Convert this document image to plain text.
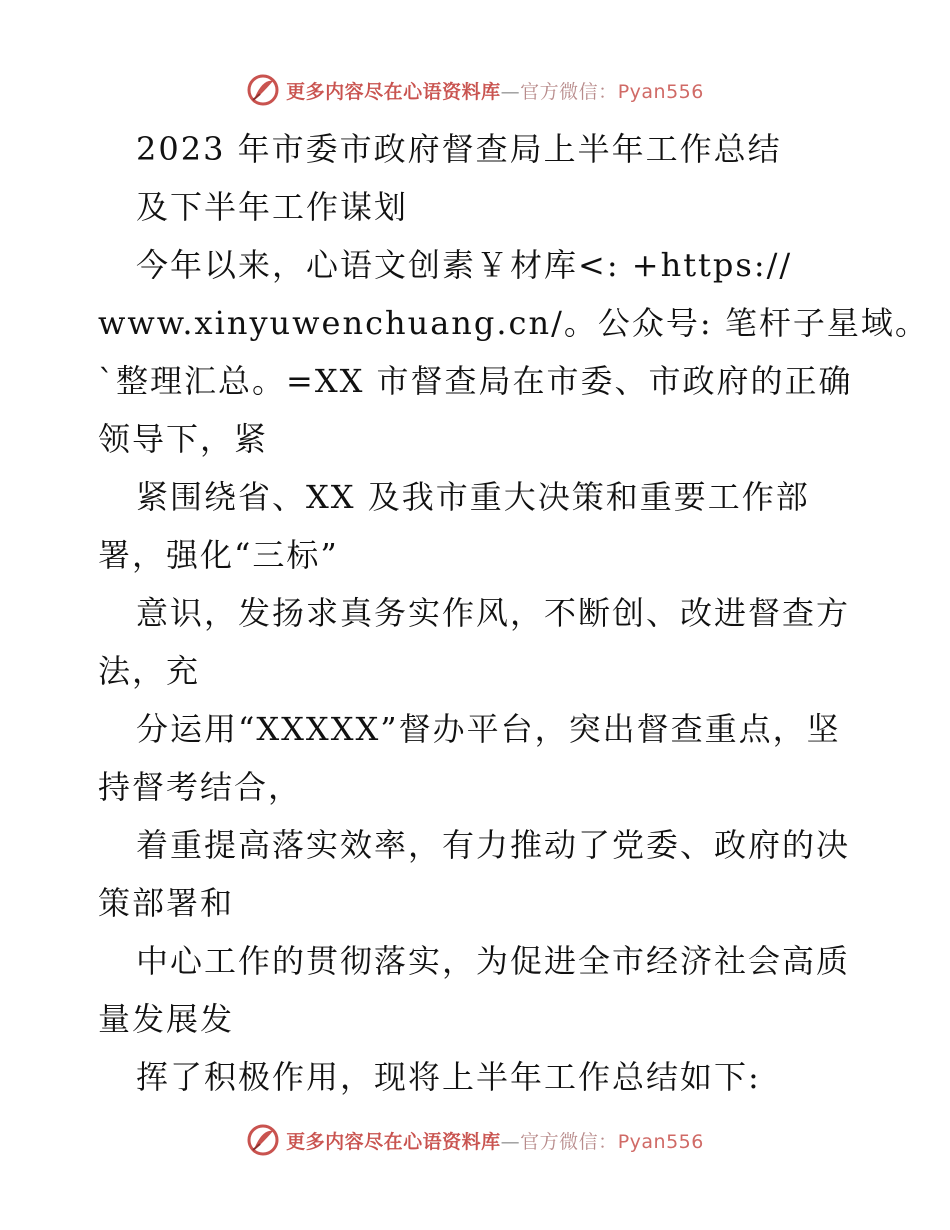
更多内容尽在心语资料库—官方微信：Pyan556
2023 年市委市政府督查局上半年工作总结
及下半年工作谋划
今年以来，心语文创素￥材库<: +https://
www.xinyuwenchuang.cn/。公众号: 笔杆子星域。
`整理汇总。=XX 市督查局在市委、市政府的正确
领导下，紧
紧围绕省、XX 及我市重大决策和重要工作部
署，强化“三标”
意识，发扬求真务实作风，不断创、改进督查方
法，充
分运用“XXXXX”督办平台，突出督查重点，坚
持督考结合，
着重提高落实效率，有力推动了党委、政府的决
策部署和
中心工作的贯彻落实，为促进全市经济社会高质
量发展发
挥了积极作用，现将上半年工作总结如下:
更多内容尽在心语资料库—官方微信：Pyan556
